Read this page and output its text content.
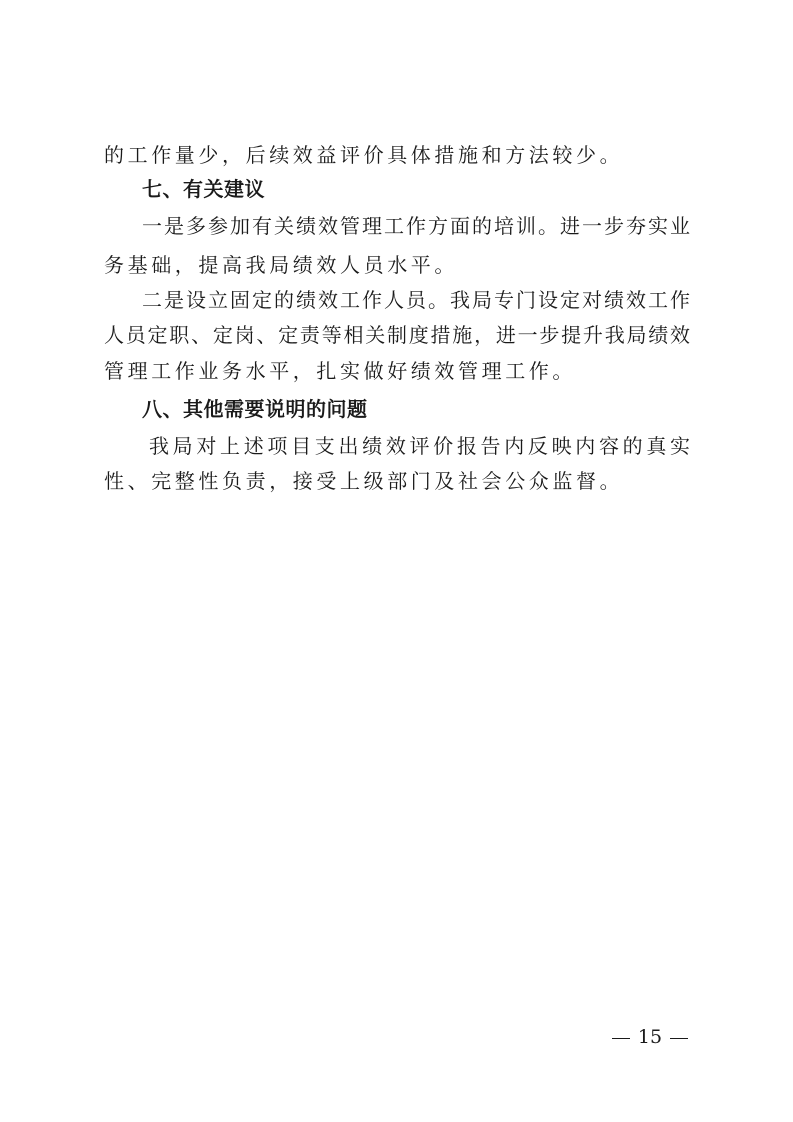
的工作量少，后续效益评价具体措施和方法较少。
七、有关建议
一是多参加有关绩效管理工作方面的培训。进一步夯实业
务基础，提高我局绩效人员水平。
二是设立固定的绩效工作人员。我局专门设定对绩效工作
人员定职、定岗、定责等相关制度措施，进一步提升我局绩效
管理工作业务水平，扎实做好绩效管理工作。
八、其他需要说明的问题
我局对上述项目支出绩效评价报告内反映内容的真实
性、完整性负责，接受上级部门及社会公众监督。
15
